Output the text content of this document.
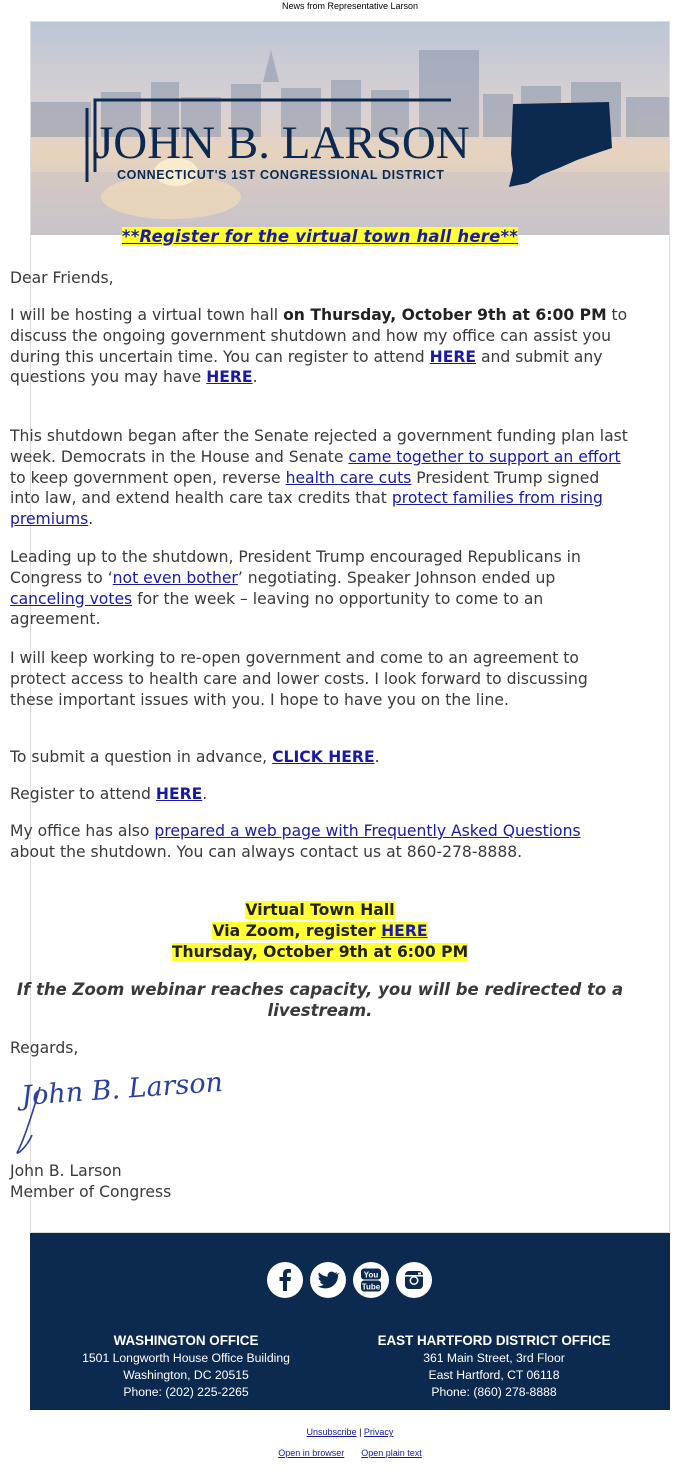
News from Representative Larson
JOHN B. LARSON
CONNECTICUT'S 1ST CONGRESSIONAL DISTRICT
**Register for the virtual town hall here**

Dear Friends,

I will be hosting a virtual town hall on Thursday, October 9th at 6:00 PM to discuss the ongoing government shutdown and how my office can assist you during this uncertain time. You can register to attend HERE and submit any questions you may have HERE.

This shutdown began after the Senate rejected a government funding plan last week. Democrats in the House and Senate came together to support an effort to keep government open, reverse health care cuts President Trump signed into law, and extend health care tax credits that protect families from rising premiums.

Leading up to the shutdown, President Trump encouraged Republicans in Congress to ‘not even bother’ negotiating. Speaker Johnson ended up canceling votes for the week – leaving no opportunity to come to an agreement.

I will keep working to re-open government and come to an agreement to protect access to health care and lower costs. I look forward to discussing these important issues with you. I hope to have you on the line.

To submit a question in advance, CLICK HERE.

Register to attend HERE.

My office has also prepared a web page with Frequently Asked Questions about the shutdown. You can always contact us at 860-278-8888.

Virtual Town Hall
Via Zoom, register HERE
Thursday, October 9th at 6:00 PM

If the Zoom webinar reaches capacity, you will be redirected to a livestream.

Regards,

John B. Larson

John B. Larson

Member of Congress

You
Tube
WASHINGTON OFFICE
1501 Longworth House Office Building
Washington, DC 20515
Phone: (202) 225-2265
EAST HARTFORD DISTRICT OFFICE
361 Main Street, 3rd Floor
East Hartford, CT 06118
Phone: (860) 278-8888
Unsubscribe | Privacy
Open in browser Open plain text
